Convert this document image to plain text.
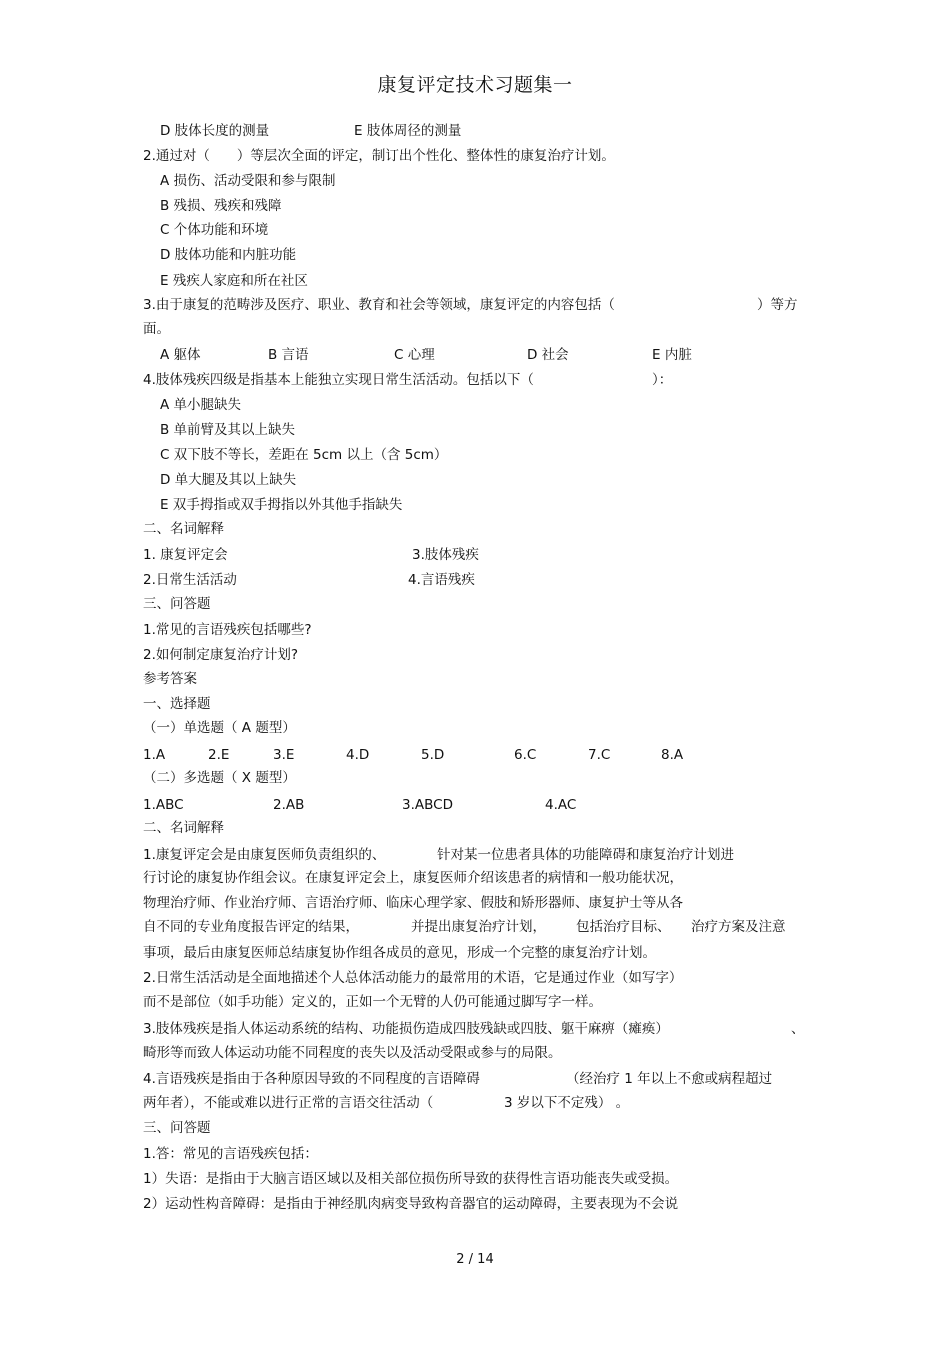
康复评定技术习题集一
D 肢体长度的测量	E 肢体周径的测量
2.通过对（　　）等层次全面的评定，制订出个性化、整体性的康复治疗计划。
A 损伤、活动受限和参与限制
B 残损、残疾和残障
C 个体功能和环境
D 肢体功能和内脏功能
E 残疾人家庭和所在社区
3.由于康复的范畴涉及医疗、职业、教育和社会等领域，康复评定的内容包括（	）等方
面。
A 躯体	B 言语	C 心理	D 社会	E 内脏
4.肢体残疾四级是指基本上能独立实现日常生活活动。包括以下（	）：
A 单小腿缺失
B 单前臂及其以上缺失
C 双下肢不等长，差距在 5cm 以上（含 5cm）
D 单大腿及其以上缺失
E 双手拇指或双手拇指以外其他手指缺失
二、名词解释
1. 康复评定会	3.肢体残疾
2.日常生活活动	4.言语残疾
三、问答题
1.常见的言语残疾包括哪些?
2.如何制定康复治疗计划?
参考答案
一、选择题
（一）单选题（ A 题型）
1.A	2.E	3.E	4.D	5.D	6.C	7.C	8.A
（二）多选题（ X 题型）
1.ABC	2.AB	3.ABCD	4.AC
二、名词解释
1.康复评定会是由康复医师负责组织的、	针对某一位患者具体的功能障碍和康复治疗计划进
行讨论的康复协作组会议。在康复评定会上，康复医师介绍该患者的病情和一般功能状况，
物理治疗师、作业治疗师、言语治疗师、临床心理学家、假肢和矫形器师、康复护士等从各
自不同的专业角度报告评定的结果，	并提出康复治疗计划， 包括治疗目标、 治疗方案及注意
事项，最后由康复医师总结康复协作组各成员的意见，形成一个完整的康复治疗计划。
2.日常生活活动是全面地描述个人总体活动能力的最常用的术语，它是通过作业（如写字）
而不是部位（如手功能）定义的，正如一个无臂的人仍可能通过脚写字一样。
3.肢体残疾是指人体运动系统的结构、功能损伤造成四肢残缺或四肢、躯干麻痹（瘫痪）	、
畸形等而致人体运动功能不同程度的丧失以及活动受限或参与的局限。
4.言语残疾是指由于各种原因导致的不同程度的言语障碍	（经治疗 1 年以上不愈或病程超过
两年者），不能或难以进行正常的言语交往活动（	3 岁以下不定残） 。
三、问答题
1.答：常见的言语残疾包括：
1）失语：是指由于大脑言语区域以及相关部位损伤所导致的获得性言语功能丧失或受损。
2）运动性构音障碍：是指由于神经肌肉病变导致构音器官的运动障碍，主要表现为不会说
2 / 14
